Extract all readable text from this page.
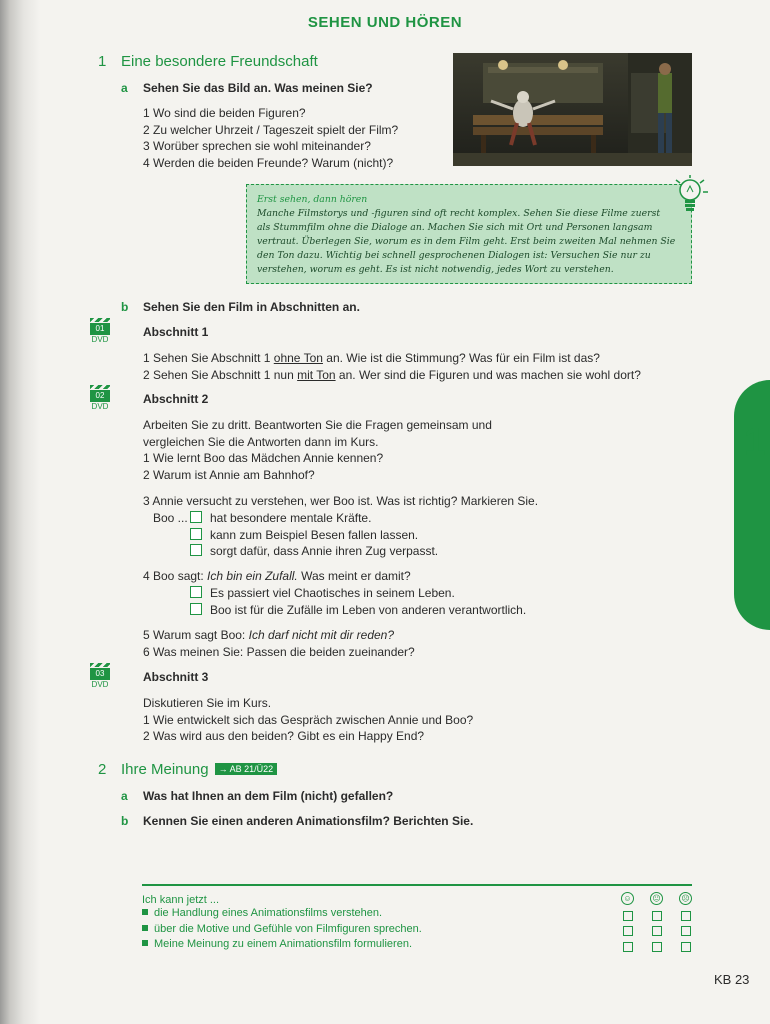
SEHEN UND HÖREN
1
1 Eine besondere Freundschaft
a Sehen Sie das Bild an. Was meinen Sie?
1 Wo sind die beiden Figuren?
2 Zu welcher Uhrzeit / Tageszeit spielt der Film?
3 Worüber sprechen sie wohl miteinander?
4 Werden die beiden Freunde? Warum (nicht)?
Erst sehen, dann hören
Manche Filmstorys und -figuren sind oft recht komplex. Sehen Sie diese Filme zuerst
als Stummfilm ohne die Dialoge an. Machen Sie sich mit Ort und Personen langsam
vertraut. Überlegen Sie, worum es in dem Film geht. Erst beim zweiten Mal nehmen Sie
den Ton dazu. Wichtig bei schnell gesprochenen Dialogen ist: Versuchen Sie nur zu
verstehen, worum es geht. Es ist nicht notwendig, jedes Wort zu verstehen.
b Sehen Sie den Film in Abschnitten an.
01
DVD
Abschnitt 1
1 Sehen Sie Abschnitt 1 ohne Ton an. Wie ist die Stimmung? Was für ein Film ist das?
2 Sehen Sie Abschnitt 1 nun mit Ton an. Wer sind die Figuren und was machen sie wohl dort?
02
DVD
Abschnitt 2
Arbeiten Sie zu dritt. Beantworten Sie die Fragen gemeinsam und
vergleichen Sie die Antworten dann im Kurs.
1 Wie lernt Boo das Mädchen Annie kennen?
2 Warum ist Annie am Bahnhof?
3 Annie versucht zu verstehen, wer Boo ist. Was ist richtig? Markieren Sie.
Boo ...	hat besondere mentale Kräfte.
kann zum Beispiel Besen fallen lassen.
sorgt dafür, dass Annie ihren Zug verpasst.
4 Boo sagt: Ich bin ein Zufall. Was meint er damit?
Es passiert viel Chaotisches in seinem Leben.
Boo ist für die Zufälle im Leben von anderen verantwortlich.
5 Warum sagt Boo: Ich darf nicht mit dir reden?
6 Was meinen Sie: Passen die beiden zueinander?
03
DVD
Abschnitt 3
Diskutieren Sie im Kurs.
1 Wie entwickelt sich das Gespräch zwischen Annie und Boo?
2 Was wird aus den beiden? Gibt es ein Happy End?
2 Ihre Meinung → AB 21/Ü22
a Was hat Ihnen an dem Film (nicht) gefallen?
b Kennen Sie einen anderen Animationsfilm? Berichten Sie.
Ich kann jetzt ...
die Handlung eines Animationsfilms verstehen.
über die Motive und Gefühle von Filmfiguren sprechen.
Meine Meinung zu einem Animationsfilm formulieren.
☺	😐	☹
KB 23
